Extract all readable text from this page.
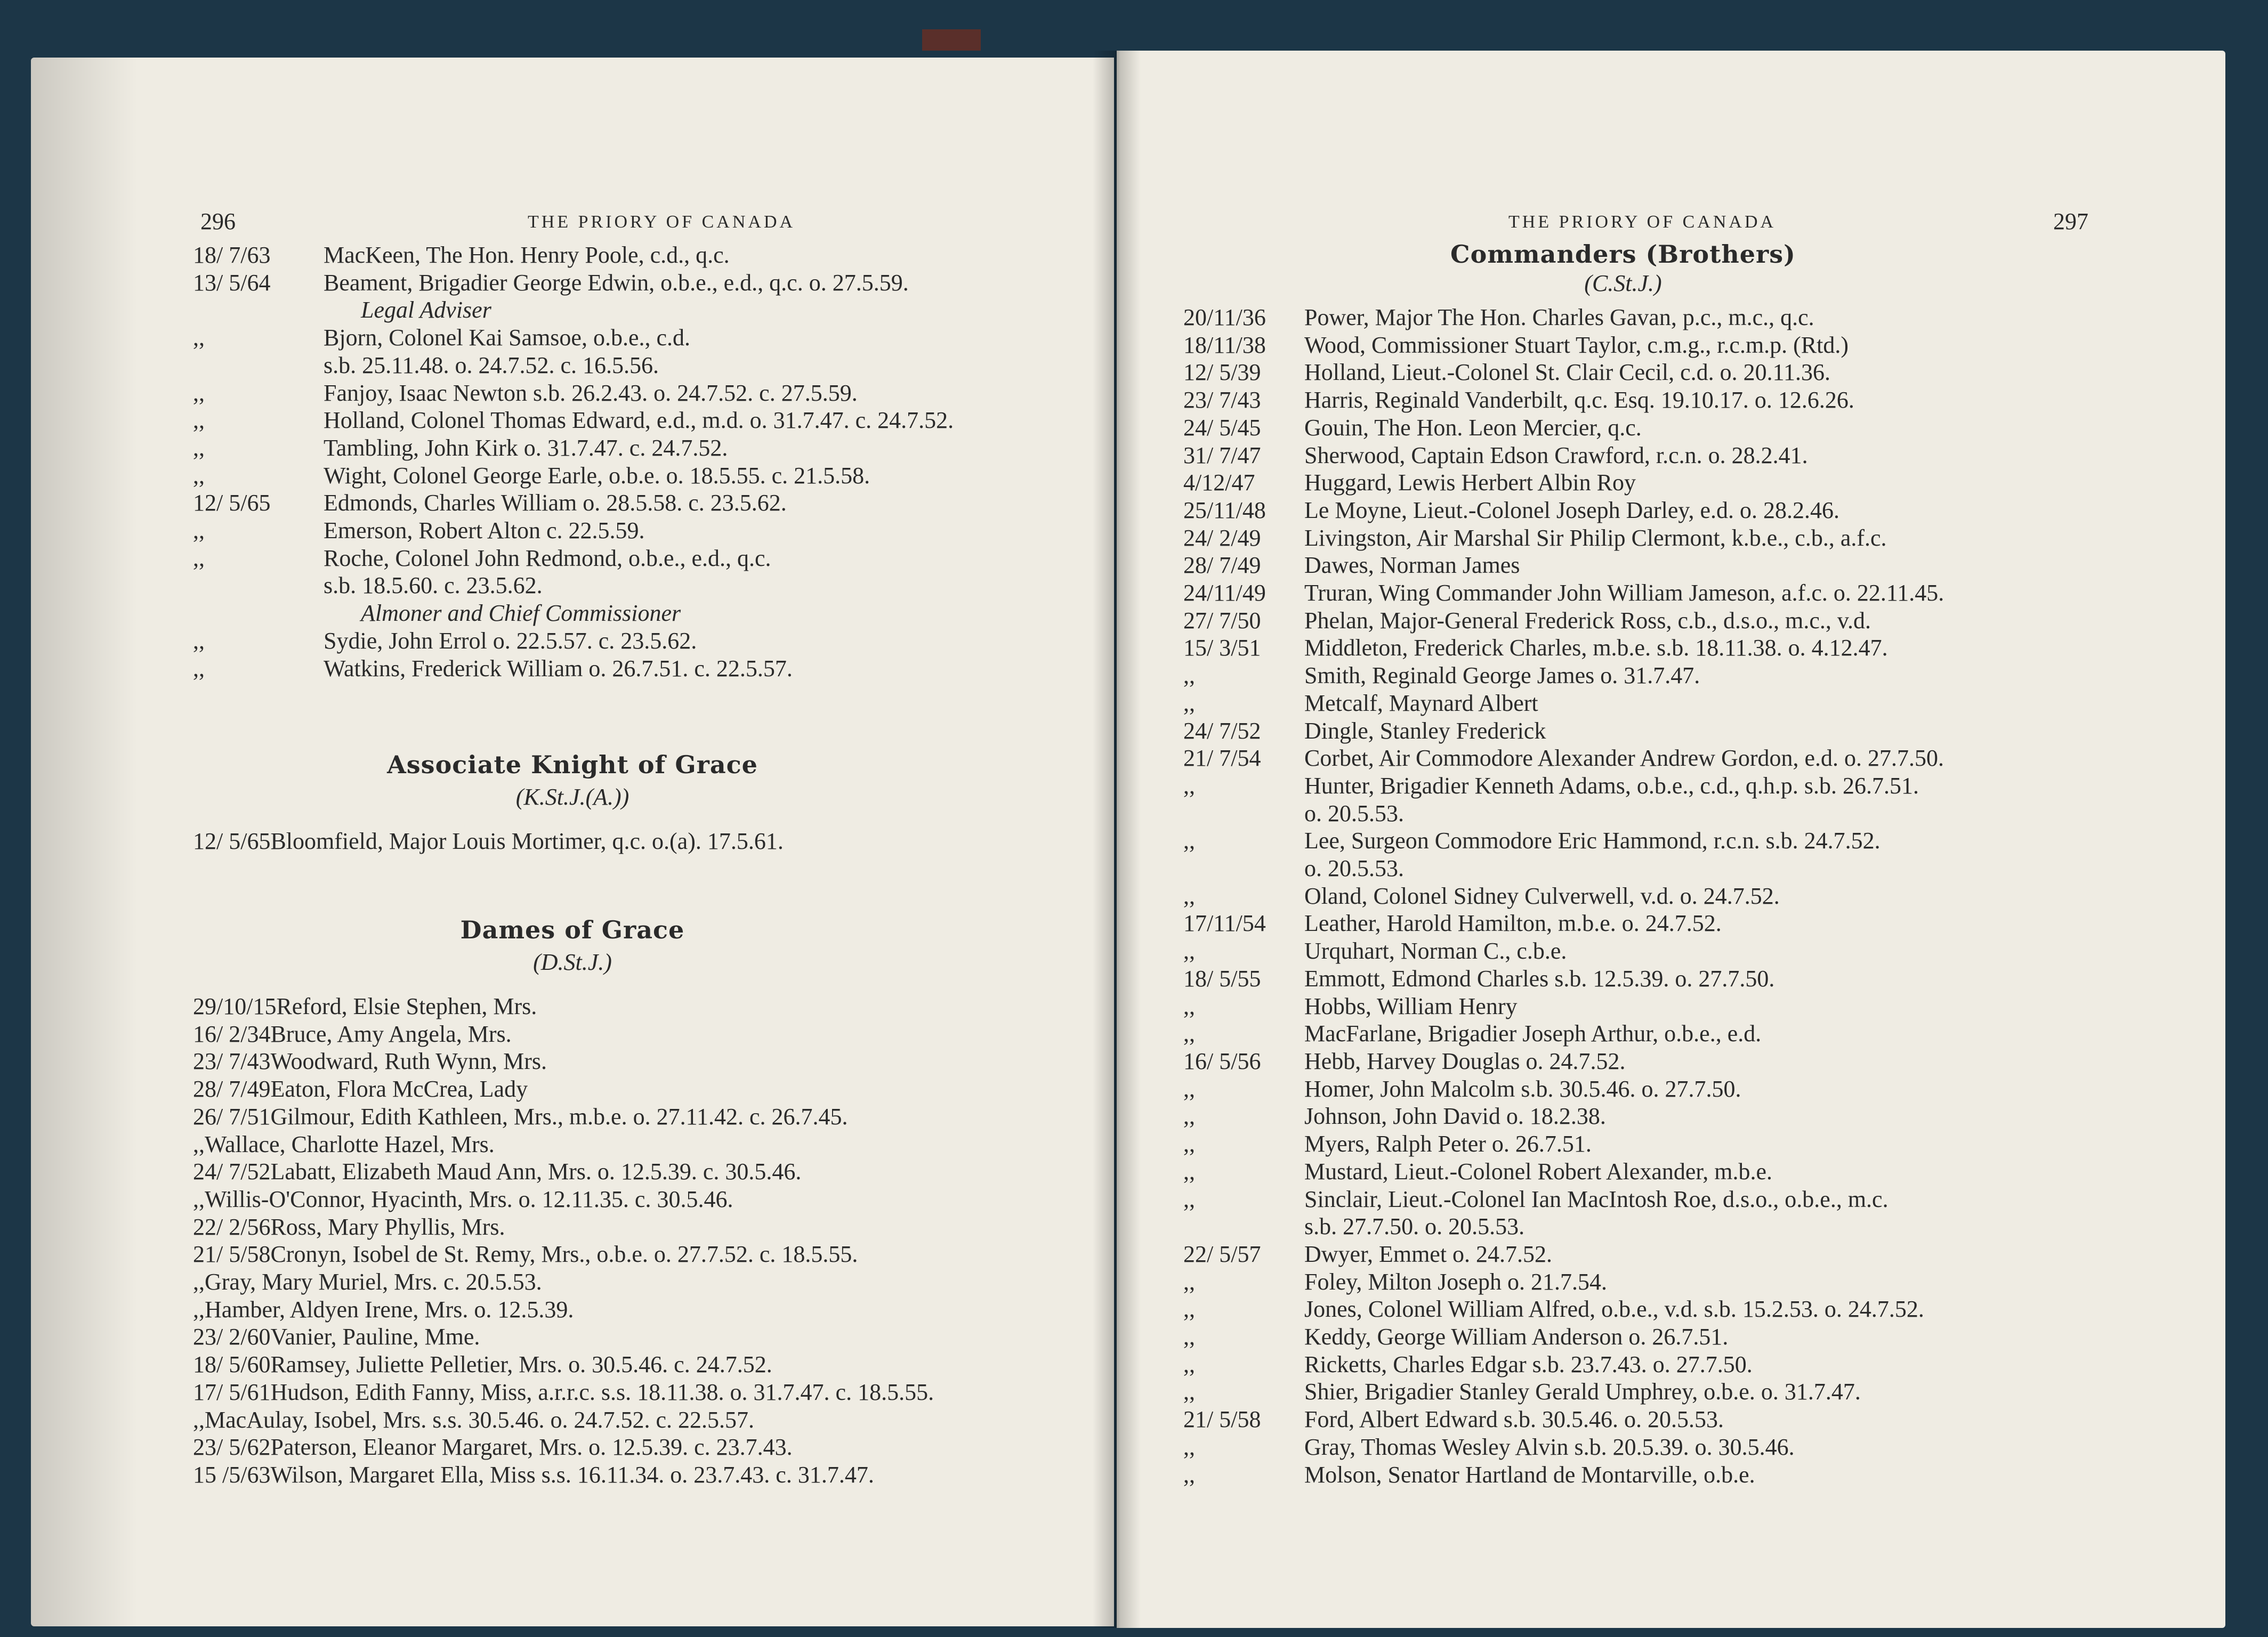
296	THE PRIORY OF CANADA
18/ 7/63	MacKeen, The Hon. Henry Poole, c.d., q.c.
13/ 5/64	Beament, Brigadier George Edwin, o.b.e., e.d., q.c. o. 27.5.59.
Legal Adviser
,,	Bjorn, Colonel Kai Samsoe, o.b.e., c.d.
s.b. 25.11.48. o. 24.7.52. c. 16.5.56.
,,	Fanjoy, Isaac Newton s.b. 26.2.43. o. 24.7.52. c. 27.5.59.
,,	Holland, Colonel Thomas Edward, e.d., m.d. o. 31.7.47. c. 24.7.52.
,,	Tambling, John Kirk o. 31.7.47. c. 24.7.52.
,,	Wight, Colonel George Earle, o.b.e. o. 18.5.55. c. 21.5.58.
12/ 5/65	Edmonds, Charles William o. 28.5.58. c. 23.5.62.
,,	Emerson, Robert Alton c. 22.5.59.
,,	Roche, Colonel John Redmond, o.b.e., e.d., q.c.
s.b. 18.5.60. c. 23.5.62.
Almoner and Chief Commissioner
,,	Sydie, John Errol o. 22.5.57. c. 23.5.62.
,,	Watkins, Frederick William o. 26.7.51. c. 22.5.57.
Associate Knight of Grace
(K.St.J.(A.))
12/ 5/65 Bloomfield, Major Louis Mortimer, q.c. o.(a). 17.5.61.
Dames of Grace
(D.St.J.)
29/10/15 Reford, Elsie Stephen, Mrs.
16/ 2/34 Bruce, Amy Angela, Mrs.
23/ 7/43 Woodward, Ruth Wynn, Mrs.
28/ 7/49 Eaton, Flora McCrea, Lady
26/ 7/51 Gilmour, Edith Kathleen, Mrs., m.b.e. o. 27.11.42. c. 26.7.45.
,, Wallace, Charlotte Hazel, Mrs.
24/ 7/52 Labatt, Elizabeth Maud Ann, Mrs. o. 12.5.39. c. 30.5.46.
,, Willis-O'Connor, Hyacinth, Mrs. o. 12.11.35. c. 30.5.46.
22/ 2/56 Ross, Mary Phyllis, Mrs.
21/ 5/58 Cronyn, Isobel de St. Remy, Mrs., o.b.e. o. 27.7.52. c. 18.5.55.
,, Gray, Mary Muriel, Mrs. c. 20.5.53.
,, Hamber, Aldyen Irene, Mrs. o. 12.5.39.
23/ 2/60 Vanier, Pauline, Mme.
18/ 5/60 Ramsey, Juliette Pelletier, Mrs. o. 30.5.46. c. 24.7.52.
17/ 5/61 Hudson, Edith Fanny, Miss, a.r.r.c. s.s. 18.11.38. o. 31.7.47. c. 18.5.55.
,, MacAulay, Isobel, Mrs. s.s. 30.5.46. o. 24.7.52. c. 22.5.57.
23/ 5/62 Paterson, Eleanor Margaret, Mrs. o. 12.5.39. c. 23.7.43.
15 /5/63 Wilson, Margaret Ella, Miss s.s. 16.11.34. o. 23.7.43. c. 31.7.47.
THE PRIORY OF CANADA	297
Commanders (Brothers)
(C.St.J.)
20/11/36	Power, Major The Hon. Charles Gavan, p.c., m.c., q.c.
18/11/38	Wood, Commissioner Stuart Taylor, c.m.g., r.c.m.p. (Rtd.)
12/ 5/39	Holland, Lieut.-Colonel St. Clair Cecil, c.d. o. 20.11.36.
23/ 7/43	Harris, Reginald Vanderbilt, q.c. Esq. 19.10.17. o. 12.6.26.
24/ 5/45	Gouin, The Hon. Leon Mercier, q.c.
31/ 7/47	Sherwood, Captain Edson Crawford, r.c.n. o. 28.2.41.
4/12/47	Huggard, Lewis Herbert Albin Roy
25/11/48	Le Moyne, Lieut.-Colonel Joseph Darley, e.d. o. 28.2.46.
24/ 2/49	Livingston, Air Marshal Sir Philip Clermont, k.b.e., c.b., a.f.c.
28/ 7/49	Dawes, Norman James
24/11/49	Truran, Wing Commander John William Jameson, a.f.c. o. 22.11.45.
27/ 7/50	Phelan, Major-General Frederick Ross, c.b., d.s.o., m.c., v.d.
15/ 3/51	Middleton, Frederick Charles, m.b.e. s.b. 18.11.38. o. 4.12.47.
,,	Smith, Reginald George James o. 31.7.47.
,,	Metcalf, Maynard Albert
24/ 7/52	Dingle, Stanley Frederick
21/ 7/54	Corbet, Air Commodore Alexander Andrew Gordon, e.d. o. 27.7.50.
,,	Hunter, Brigadier Kenneth Adams, o.b.e., c.d., q.h.p. s.b. 26.7.51.
o. 20.5.53.
,,	Lee, Surgeon Commodore Eric Hammond, r.c.n. s.b. 24.7.52.
o. 20.5.53.
,,	Oland, Colonel Sidney Culverwell, v.d. o. 24.7.52.
17/11/54	Leather, Harold Hamilton, m.b.e. o. 24.7.52.
,,	Urquhart, Norman C., c.b.e.
18/ 5/55	Emmott, Edmond Charles s.b. 12.5.39. o. 27.7.50.
,,	Hobbs, William Henry
,,	MacFarlane, Brigadier Joseph Arthur, o.b.e., e.d.
16/ 5/56	Hebb, Harvey Douglas o. 24.7.52.
,,	Homer, John Malcolm s.b. 30.5.46. o. 27.7.50.
,,	Johnson, John David o. 18.2.38.
,,	Myers, Ralph Peter o. 26.7.51.
,,	Mustard, Lieut.-Colonel Robert Alexander, m.b.e.
,,	Sinclair, Lieut.-Colonel Ian MacIntosh Roe, d.s.o., o.b.e., m.c.
s.b. 27.7.50. o. 20.5.53.
22/ 5/57	Dwyer, Emmet o. 24.7.52.
,,	Foley, Milton Joseph o. 21.7.54.
,,	Jones, Colonel William Alfred, o.b.e., v.d. s.b. 15.2.53. o. 24.7.52.
,,	Keddy, George William Anderson o. 26.7.51.
,,	Ricketts, Charles Edgar s.b. 23.7.43. o. 27.7.50.
,,	Shier, Brigadier Stanley Gerald Umphrey, o.b.e. o. 31.7.47.
21/ 5/58	Ford, Albert Edward s.b. 30.5.46. o. 20.5.53.
,,	Gray, Thomas Wesley Alvin s.b. 20.5.39. o. 30.5.46.
,,	Molson, Senator Hartland de Montarville, o.b.e.
